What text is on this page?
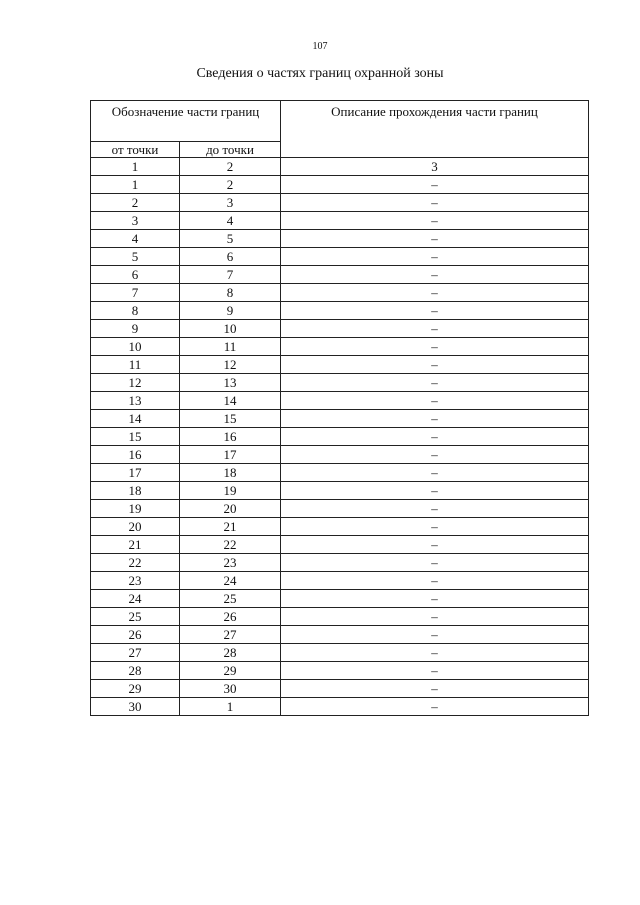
107
Сведения о частях границ охранной зоны
Обозначение части границ		Описание прохождения части границ
от точки	до точки	
1	2	3
1	2	–
2	3	–
3	4	–
4	5	–
5	6	–
6	7	–
7	8	–
8	9	–
9	10	–
10	11	–
11	12	–
12	13	–
13	14	–
14	15	–
15	16	–
16	17	–
17	18	–
18	19	–
19	20	–
20	21	–
21	22	–
22	23	–
23	24	–
24	25	–
25	26	–
26	27	–
27	28	–
28	29	–
29	30	–
30	1	–
